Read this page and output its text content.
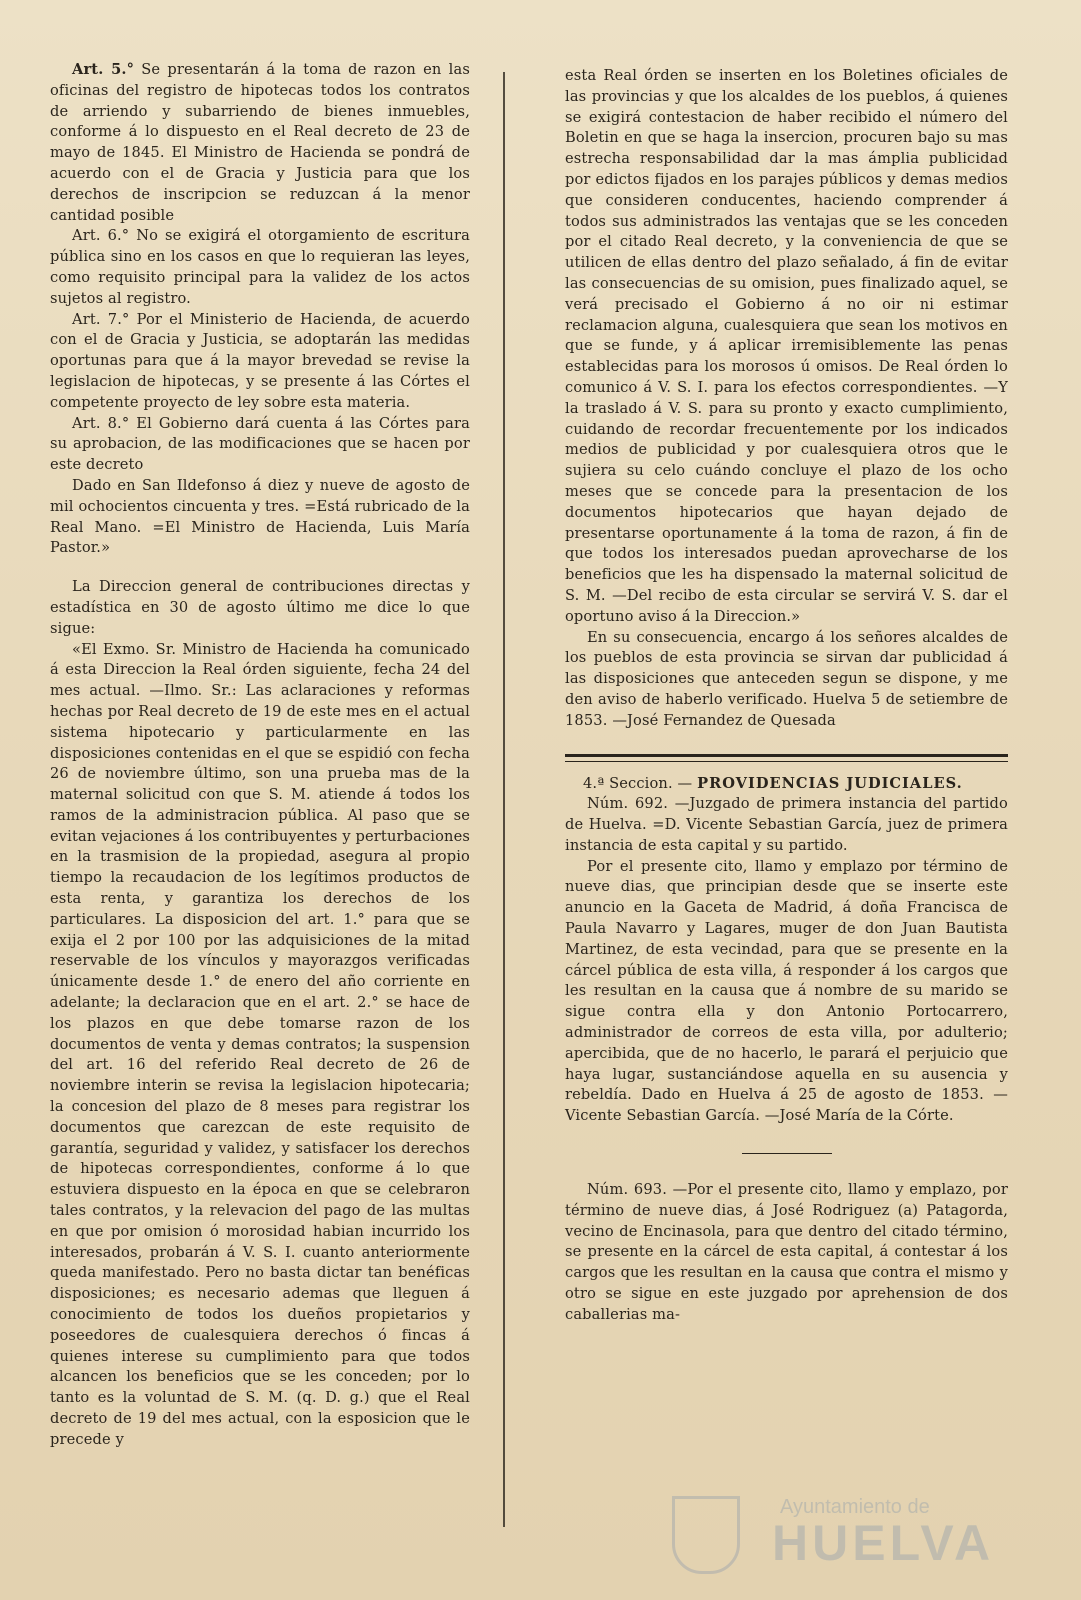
Art. 5.° Se presentarán á la toma de razon en las oficinas del registro de hipotecas todos los contratos de arriendo y subarriendo de bienes inmuebles, conforme á lo dispuesto en el Real decreto de 23 de mayo de 1845. El Ministro de Hacienda se pondrá de acuerdo con el de Gracia y Justicia para que los derechos de inscripcion se reduzcan á la menor cantidad posible

Art. 6.° No se exigirá el otorgamiento de escritura pública sino en los casos en que lo requieran las leyes, como requisito principal para la validez de los actos sujetos al registro.

Art. 7.° Por el Ministerio de Hacienda, de acuerdo con el de Gracia y Justicia, se adoptarán las medidas oportunas para que á la mayor brevedad se revise la legislacion de hipotecas, y se presente á las Córtes el competente proyecto de ley sobre esta materia.

Art. 8.° El Gobierno dará cuenta á las Córtes para su aprobacion, de las modificaciones que se hacen por este decreto

Dado en San Ildefonso á diez y nueve de agosto de mil ochocientos cincuenta y tres. =Está rubricado de la Real Mano. =El Ministro de Hacienda, Luis María Pastor.»

La Direccion general de contribuciones directas y estadística en 30 de agosto último me dice lo que sigue:

«El Exmo. Sr. Ministro de Hacienda ha comunicado á esta Direccion la Real órden siguiente, fecha 24 del mes actual. —Ilmo. Sr.: Las aclaraciones y reformas hechas por Real decreto de 19 de este mes en el actual sistema hipotecario y particularmente en las disposiciones contenidas en el que se espidió con fecha 26 de noviembre último, son una prueba mas de la maternal solicitud con que S. M. atiende á todos los ramos de la administracion pública. Al paso que se evitan vejaciones á los contribuyentes y perturbaciones en la trasmision de la propiedad, asegura al propio tiempo la recaudacion de los legítimos productos de esta renta, y garantiza los derechos de los particulares. La disposicion del art. 1.° para que se exija el 2 por 100 por las adquisiciones de la mitad reservable de los vínculos y mayorazgos verificadas únicamente desde 1.° de enero del año corriente en adelante; la declaracion que en el art. 2.° se hace de los plazos en que debe tomarse razon de los documentos de venta y demas contratos; la suspension del art. 16 del referido Real decreto de 26 de noviembre interin se revisa la legislacion hipotecaria; la concesion del plazo de 8 meses para registrar los documentos que carezcan de este requisito de garantía, seguridad y validez, y satisfacer los derechos de hipotecas correspondientes, conforme á lo que estuviera dispuesto en la época en que se celebraron tales contratos, y la relevacion del pago de las multas en que por omision ó morosidad habian incurrido los interesados, probarán á V. S. I. cuanto anteriormente queda manifestado. Pero no basta dictar tan benéficas disposiciones; es necesario ademas que lleguen á conocimiento de todos los dueños propietarios y poseedores de cualesquiera derechos ó fincas á quienes interese su cumplimiento para que todos alcancen los beneficios que se les conceden; por lo tanto es la voluntad de S. M. (q. D. g.) que el Real decreto de 19 del mes actual, con la esposicion que le precede y

esta Real órden se inserten en los Boletines oficiales de las provincias y que los alcaldes de los pueblos, á quienes se exigirá contestacion de haber recibido el número del Boletin en que se haga la insercion, procuren bajo su mas estrecha responsabilidad dar la mas ámplia publicidad por edictos fijados en los parajes públicos y demas medios que consideren conducentes, haciendo comprender á todos sus administrados las ventajas que se les conceden por el citado Real decreto, y la conveniencia de que se utilicen de ellas dentro del plazo señalado, á fin de evitar las consecuencias de su omision, pues finalizado aquel, se verá precisado el Gobierno á no oir ni estimar reclamacion alguna, cualesquiera que sean los motivos en que se funde, y á aplicar irremisiblemente las penas establecidas para los morosos ú omisos. De Real órden lo comunico á V. S. I. para los efectos correspondientes. —Y la traslado á V. S. para su pronto y exacto cumplimiento, cuidando de recordar frecuentemente por los indicados medios de publicidad y por cualesquiera otros que le sujiera su celo cuándo concluye el plazo de los ocho meses que se concede para la presentacion de los documentos hipotecarios que hayan dejado de presentarse oportunamente á la toma de razon, á fin de que todos los interesados puedan aprovecharse de los beneficios que les ha dispensado la maternal solicitud de S. M. —Del recibo de esta circular se servirá V. S. dar el oportuno aviso á la Direccion.»

En su consecuencia, encargo á los señores alcaldes de los pueblos de esta provincia se sirvan dar publicidad á las disposiciones que anteceden segun se dispone, y me den aviso de haberlo verificado. Huelva 5 de setiembre de 1853. —José Fernandez de Quesada

4.ª Seccion. — PROVIDENCIAS JUDICIALES.

Núm. 692. —Juzgado de primera instancia del partido de Huelva. =D. Vicente Sebastian García, juez de primera instancia de esta capital y su partido.

Por el presente cito, llamo y emplazo por término de nueve dias, que principian desde que se inserte este anuncio en la Gaceta de Madrid, á doña Francisca de Paula Navarro y Lagares, muger de don Juan Bautista Martinez, de esta vecindad, para que se presente en la cárcel pública de esta villa, á responder á los cargos que les resultan en la causa que á nombre de su marido se sigue contra ella y don Antonio Portocarrero, administrador de correos de esta villa, por adulterio; apercibida, que de no hacerlo, le parará el perjuicio que haya lugar, sustanciándose aquella en su ausencia y rebeldía. Dado en Huelva á 25 de agosto de 1853. —Vicente Sebastian García. —José María de la Córte.

Núm. 693. —Por el presente cito, llamo y emplazo, por término de nueve dias, á José Rodriguez (a) Patagorda, vecino de Encinasola, para que dentro del citado término, se presente en la cárcel de esta capital, á contestar á los cargos que les resultan en la causa que contra el mismo y otro se sigue en este juzgado por aprehension de dos caballerias ma-

Ayuntamiento de
HUELVA
